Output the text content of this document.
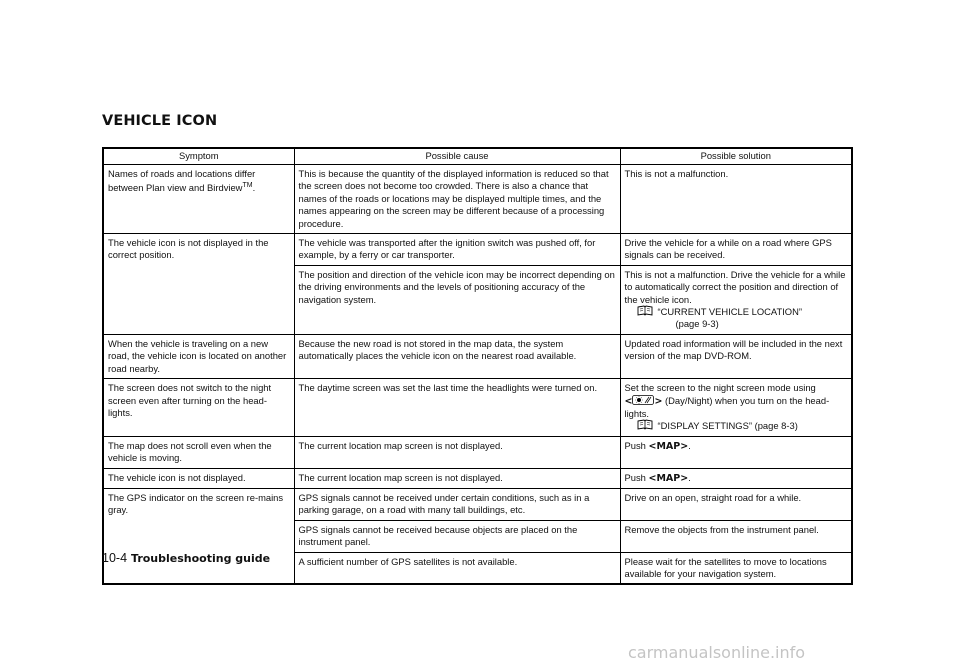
VEHICLE ICON
Symptom	Possible cause	Possible solution
Names of roads and locations differ between Plan view and Birdview™.	This is because the quantity of the displayed information is reduced so that the screen does not become too crowded. There is also a chance that names of the roads or locations may be displayed multiple times, and the names appearing on the screen may be different because of a processing procedure.	This is not a malfunction.
The vehicle icon is not displayed in the correct position.	The vehicle was transported after the ignition switch was pushed off, for example, by a ferry or car transporter.	Drive the vehicle for a while on a road where GPS signals can be received.
	The position and direction of the vehicle icon may be incorrect depending on the driving environments and the levels of positioning accuracy of the navigation system.	This is not a malfunction. Drive the vehicle for a while to automatically correct the position and direction of the vehicle icon.
“CURRENT VEHICLE LOCATION”
(page 9-3)

When the vehicle is traveling on a new road, the vehicle icon is located on another road nearby.	Because the new road is not stored in the map data, the system automatically places the vehicle icon on the nearest road available.	Updated road information will be included in the next version of the map DVD-ROM.
The screen does not switch to the night screen even after turning on the head-lights.	The daytime screen was set the last time the headlights were turned on.	Set the screen to the night screen mode using
< > (Day/Night) when you turn on the head-lights.
“DISPLAY SETTINGS” (page 8-3)

The map does not scroll even when the vehicle is moving.	The current location map screen is not displayed.	Push <MAP>.
The vehicle icon is not displayed.	The current location map screen is not displayed.	Push <MAP>.
The GPS indicator on the screen re-mains gray.	GPS signals cannot be received under certain conditions, such as in a parking garage, on a road with many tall buildings, etc.	Drive on an open, straight road for a while.
	GPS signals cannot be received because objects are placed on the instrument panel.	Remove the objects from the instrument panel.
	A sufficient number of GPS satellites is not available.	Please wait for the satellites to move to locations available for your navigation system.
10-4 Troubleshooting guide
carmanualsonline.info
